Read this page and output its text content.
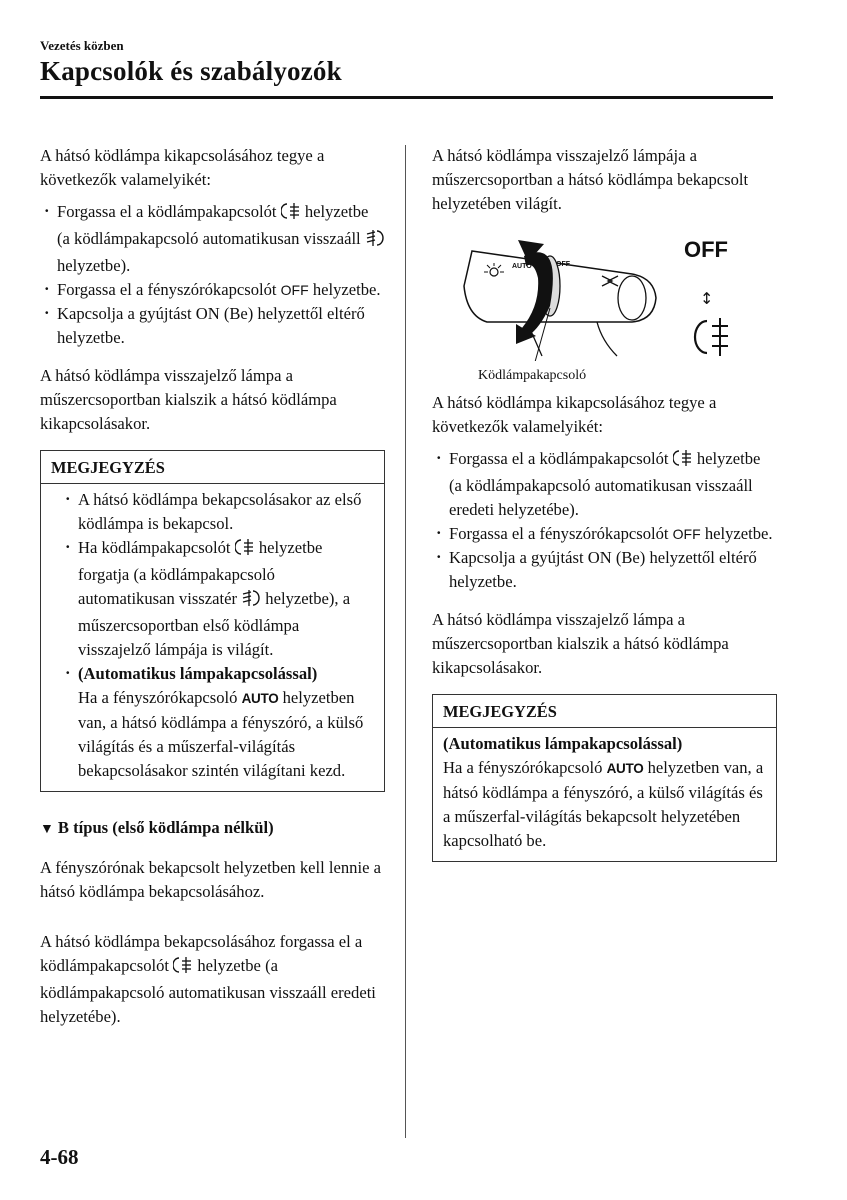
Vezetés közben
Kapcsolók és szabályozók

A hátsó ködlámpa kikapcsolásához tegye a következők valamelyikét:

· Forgassa el a ködlámpakapcsolót helyzetbe (a ködlámpakapcsoló automatikusan visszaáll  helyzetbe).
· Forgassa el a fényszórókapcsolót OFF helyzetbe.
· Kapcsolja a gyújtást ON (Be) helyzettől eltérő helyzetbe.

A hátsó ködlámpa visszajelző lámpa a műszercsoportban kialszik a hátsó ködlámpa kikapcsolásakor.

MEGJEGYZÉS
· A hátsó ködlámpa bekapcsolásakor az első ködlámpa is bekapcsol.
· Ha ködlámpakapcsolót helyzetbe forgatja (a ködlámpakapcsoló automatikusan visszatér helyzetbe), a műszercsoportban első ködlámpa visszajelző lámpája is világít.
· (Automatikus lámpakapcsolással)
Ha a fényszórókapcsoló AUTO helyzetben van, a hátsó ködlámpa a fényszóró, a külső világítás és a műszerfal-világítás bekapcsolásakor szintén világítani kezd.

▼ B típus (első ködlámpa nélkül)

A fényszórónak bekapcsolt helyzetben kell lennie a hátsó ködlámpa bekapcsolásához.

A hátsó ködlámpa bekapcsolásához forgassa el a ködlámpakapcsolót helyzetbe (a ködlámpakapcsoló automatikusan visszaáll eredeti helyzetébe).

A hátsó ködlámpa visszajelző lámpája a műszercsoportban a hátsó ködlámpa bekapcsolt helyzetében világít.

AUTO	OFF
↕
OFF
Ködlámpakapcsoló

A hátsó ködlámpa kikapcsolásához tegye a következők valamelyikét:

· Forgassa el a ködlámpakapcsolót helyzetbe (a ködlámpakapcsoló automatikusan visszaáll eredeti helyzetébe).
· Forgassa el a fényszórókapcsolót OFF helyzetbe.
· Kapcsolja a gyújtást ON (Be) helyzettől eltérő helyzetbe.

A hátsó ködlámpa visszajelző lámpa a műszercsoportban kialszik a hátsó ködlámpa kikapcsolásakor.

MEGJEGYZÉS

(Automatikus lámpakapcsolással)
Ha a fényszórókapcsoló AUTO helyzetben van, a hátsó ködlámpa a fényszóró, a külső világítás és a műszerfal-világítás bekapcsolt helyzetében kapcsolható be.

4-68
